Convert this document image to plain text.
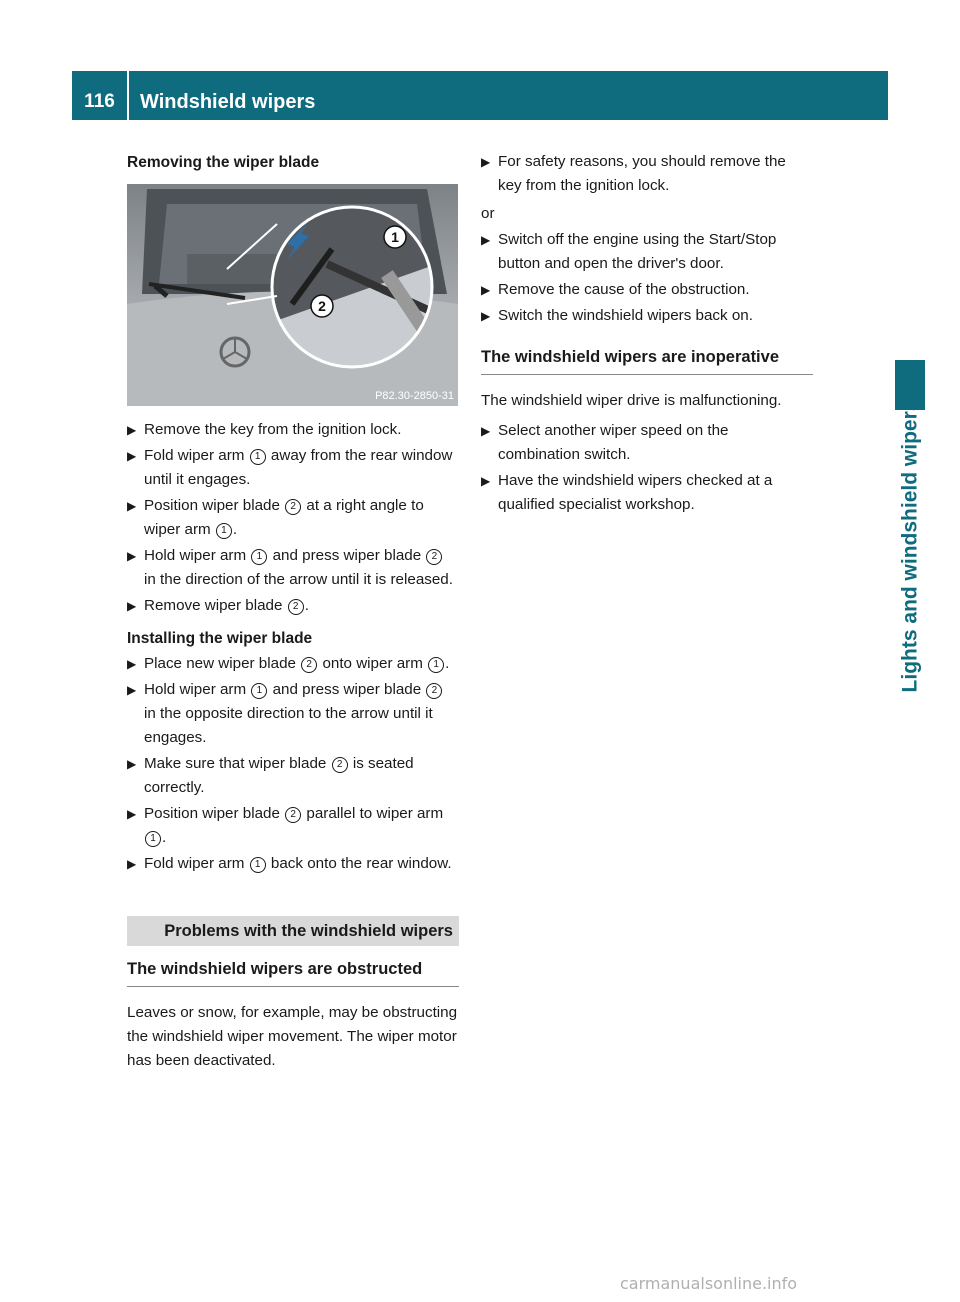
116	Windshield wipers
Lights and windshield wipers
Removing the wiper blade
1
2
P82.30-2850-31
▶ Remove the key from the ignition lock.
▶ Fold wiper arm 1 away from the rear window until it engages.
▶ Position wiper blade 2 at a right angle to wiper arm 1 .
▶ Hold wiper arm 1 and press wiper blade 2 in the direction of the arrow until it is released.
▶ Remove wiper blade 2 .
Installing the wiper blade
▶ Place new wiper blade 2 onto wiper arm 1 .
▶ Hold wiper arm 1 and press wiper blade 2 in the opposite direction to the arrow until it engages.
▶ Make sure that wiper blade 2 is seated correctly.
▶ Position wiper blade 2 parallel to wiper arm 1 .
▶ Fold wiper arm 1 back onto the rear window.
Problems with the windshield wipers
The windshield wipers are obstructed

Leaves or snow, for example, may be obstructing the windshield wiper movement. The wiper motor has been deactivated.

▶ For safety reasons, you should remove the key from the ignition lock.
or
▶ Switch off the engine using the Start/Stop button and open the driver's door.
▶ Remove the cause of the obstruction.
▶ Switch the windshield wipers back on.
The windshield wipers are inoperative

The windshield wiper drive is malfunctioning.

▶ Select another wiper speed on the combination switch.
▶ Have the windshield wipers checked at a qualified specialist workshop.
carmanualsonline.info
